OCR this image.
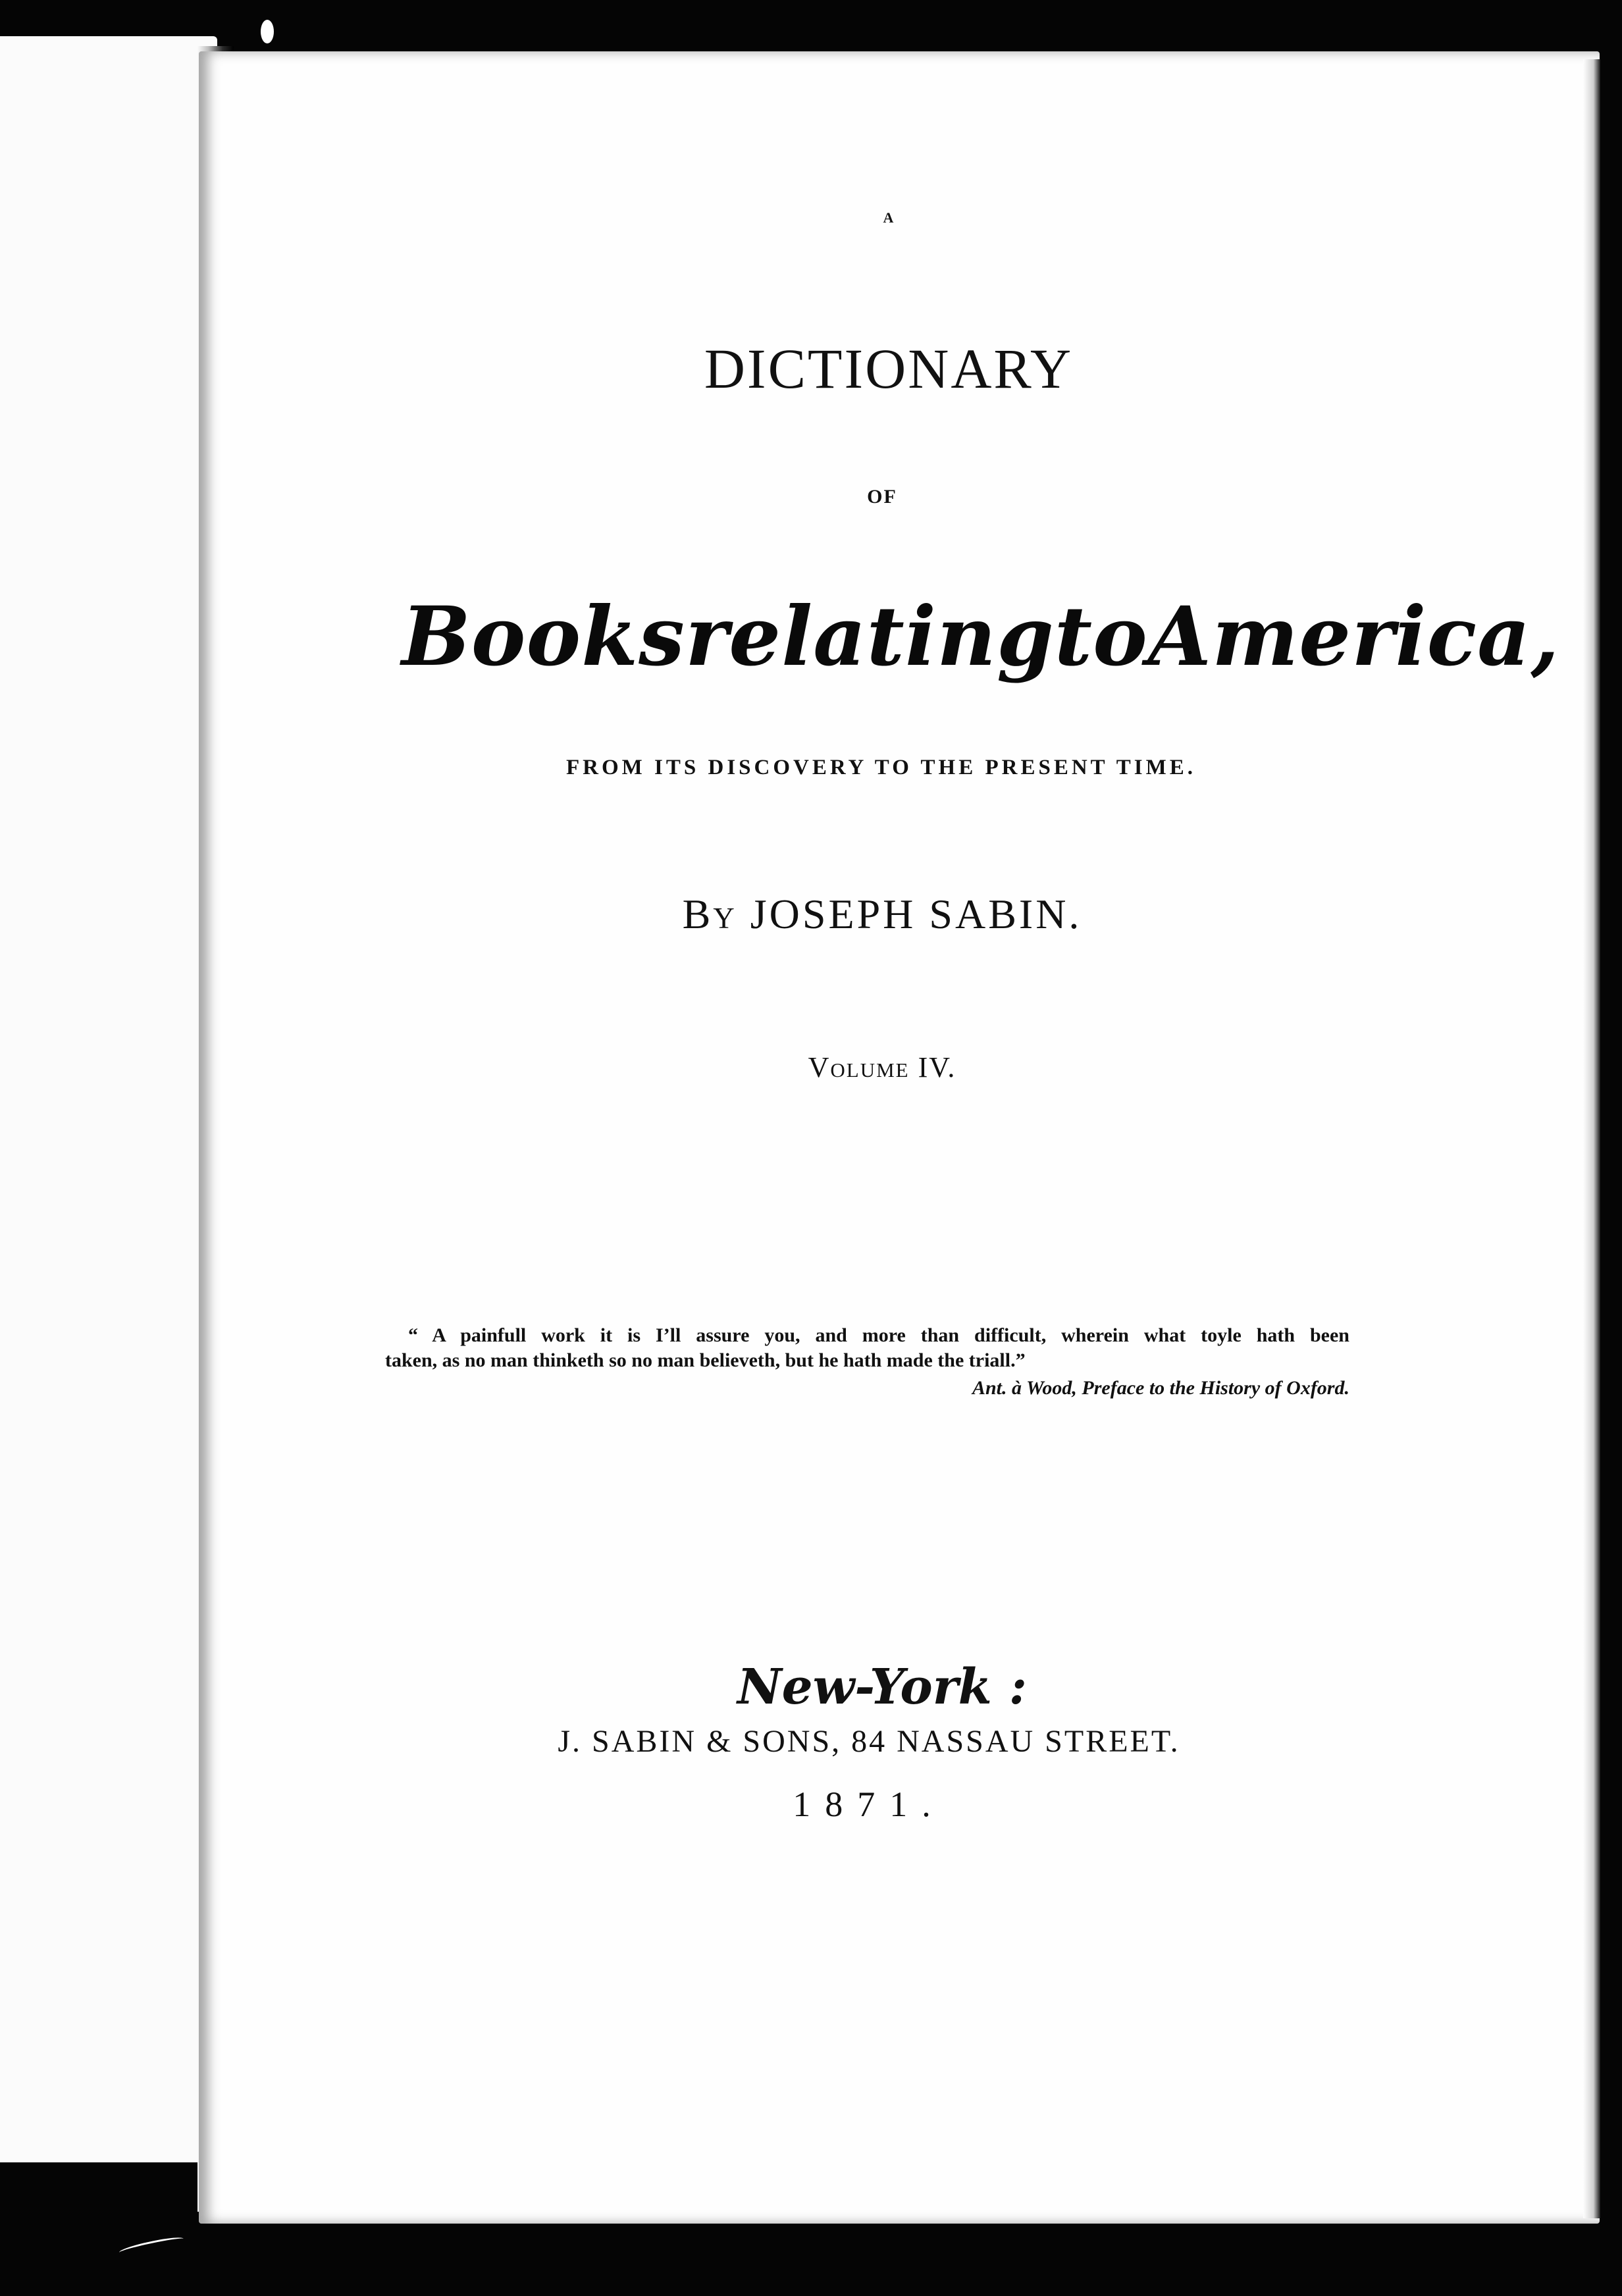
A
DICTIONARY
OF
Books relating to America,
FROM ITS DISCOVERY TO THE PRESENT TIME.
By JOSEPH SABIN.
Volume IV.
“ A painfull work it is I’ll assure you, and more than difficult, wherein what toyle hath been
taken, as no man thinketh so no man believeth, but he hath made the triall.”
Ant. à Wood, Preface to the History of Oxford.
New-York :
J. SABIN & SONS, 84 NASSAU STREET.
1871.
